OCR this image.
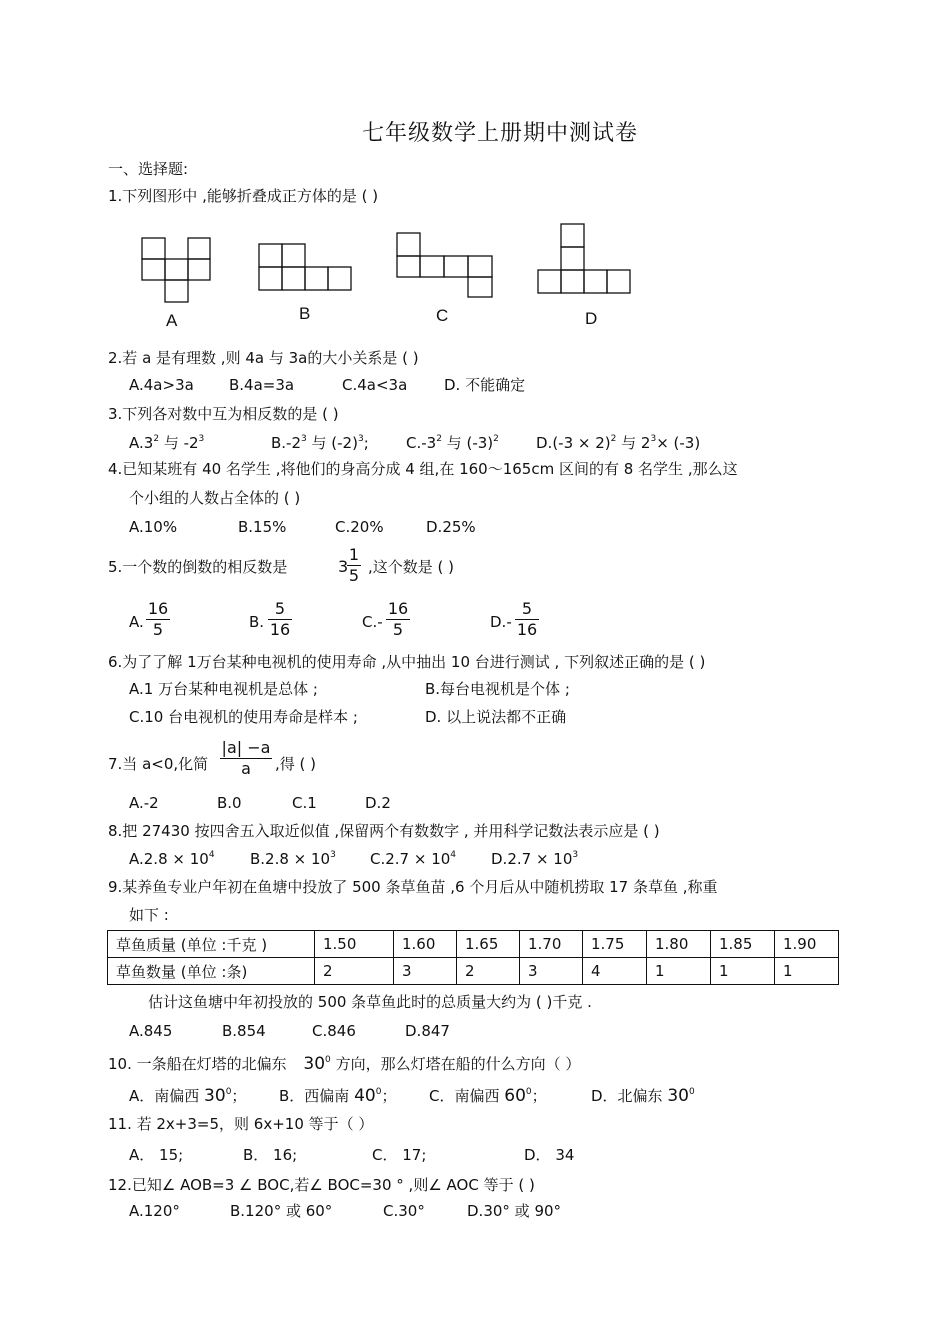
七年级数学上册期中测试卷
一、选择题:
1.下列图形中 ,能够折叠成正方体的是 ( )
A	B	C	D
2.若 a 是有理数 ,则 4a 与 3a的大小关系是 ( )
A.4a>3a B.4a=3a	C.4a<3a D. 不能确定
3.下列各对数中互为相反数的是 ( )
$A.3^2$ 与 $-2^3$	$B.-2^3$ 与 $(-2)^3$; $C.-3^2$ 与 $(-3)^2$ $D.(-3 \times 2)^2$ 与 $2^3\times (-3)$
4.已知某班有 40 名学生 ,将他们的身高分成 4 组,在 160～165cm 区间的有 8 名学生 ,那么这
个小组的人数占全体的 ( )
A.10%	B.15%	C.20%	D.25%
5.一个数的倒数的相反数是	3
1
5 ,这个数是 ( )
A.
16
5	B.
5
16	C.-
16
5	D.-
5
16
6.为了了解 1万台某种电视机的使用寿命 ,从中抽出 10 台进行测试 , 下列叙述正确的是 ( )
A.1 万台某种电视机是总体 ;	B.每台电视机是个体 ;
C.10 台电视机的使用寿命是样本 ;	D. 以上说法都不正确
7.当 a<0,化简
|a| −a
a	,得 ( )
A.-2	B.0	C.1	D.2
8.把 27430 按四舍五入取近似值 ,保留两个有数数字 , 并用科学记数法表示应是 ( )
$A.2.8 \times 10^4$ $B.2.8 \times 10^3$ $C.2.7 \times 10^4$ $D.2.7 \times 10^3$
9.某养鱼专业户年初在鱼塘中投放了 500 条草鱼苗 ,6 个月后从中随机捞取 17 条草鱼 ,称重
如下 :
草鱼质量 (单位 :千克 )	1.50	1.60	1.65	1.70	1.75	1.80	1.85	1.90
草鱼数量 (单位 :条)	2	3	2	3	4	1	1	1
估计这鱼塘中年初投放的 500 条草鱼此时的总质量大约为 ( )千克 .
A.845	B.854	C.846	D.847
10. 一条船在灯塔的北偏东 $30^0$ 方向，那么灯塔在船的什么方向（ ）
A．南偏西 $30^0$； B．西偏南 $40^0$； C．南偏西 $60^0$；	D．北偏东 $30^0$
11. 若 2x+3=5，则 6x+10 等于（ ）
A． 15;	B． 16;	C． 17;	D． 34
12.已知∠ AOB=3 ∠ BOC,若∠ BOC=30 ° ,则∠ AOC 等于 ( )
A.120°	B.120° 或 60°	C.30°	D.30° 或 90°
